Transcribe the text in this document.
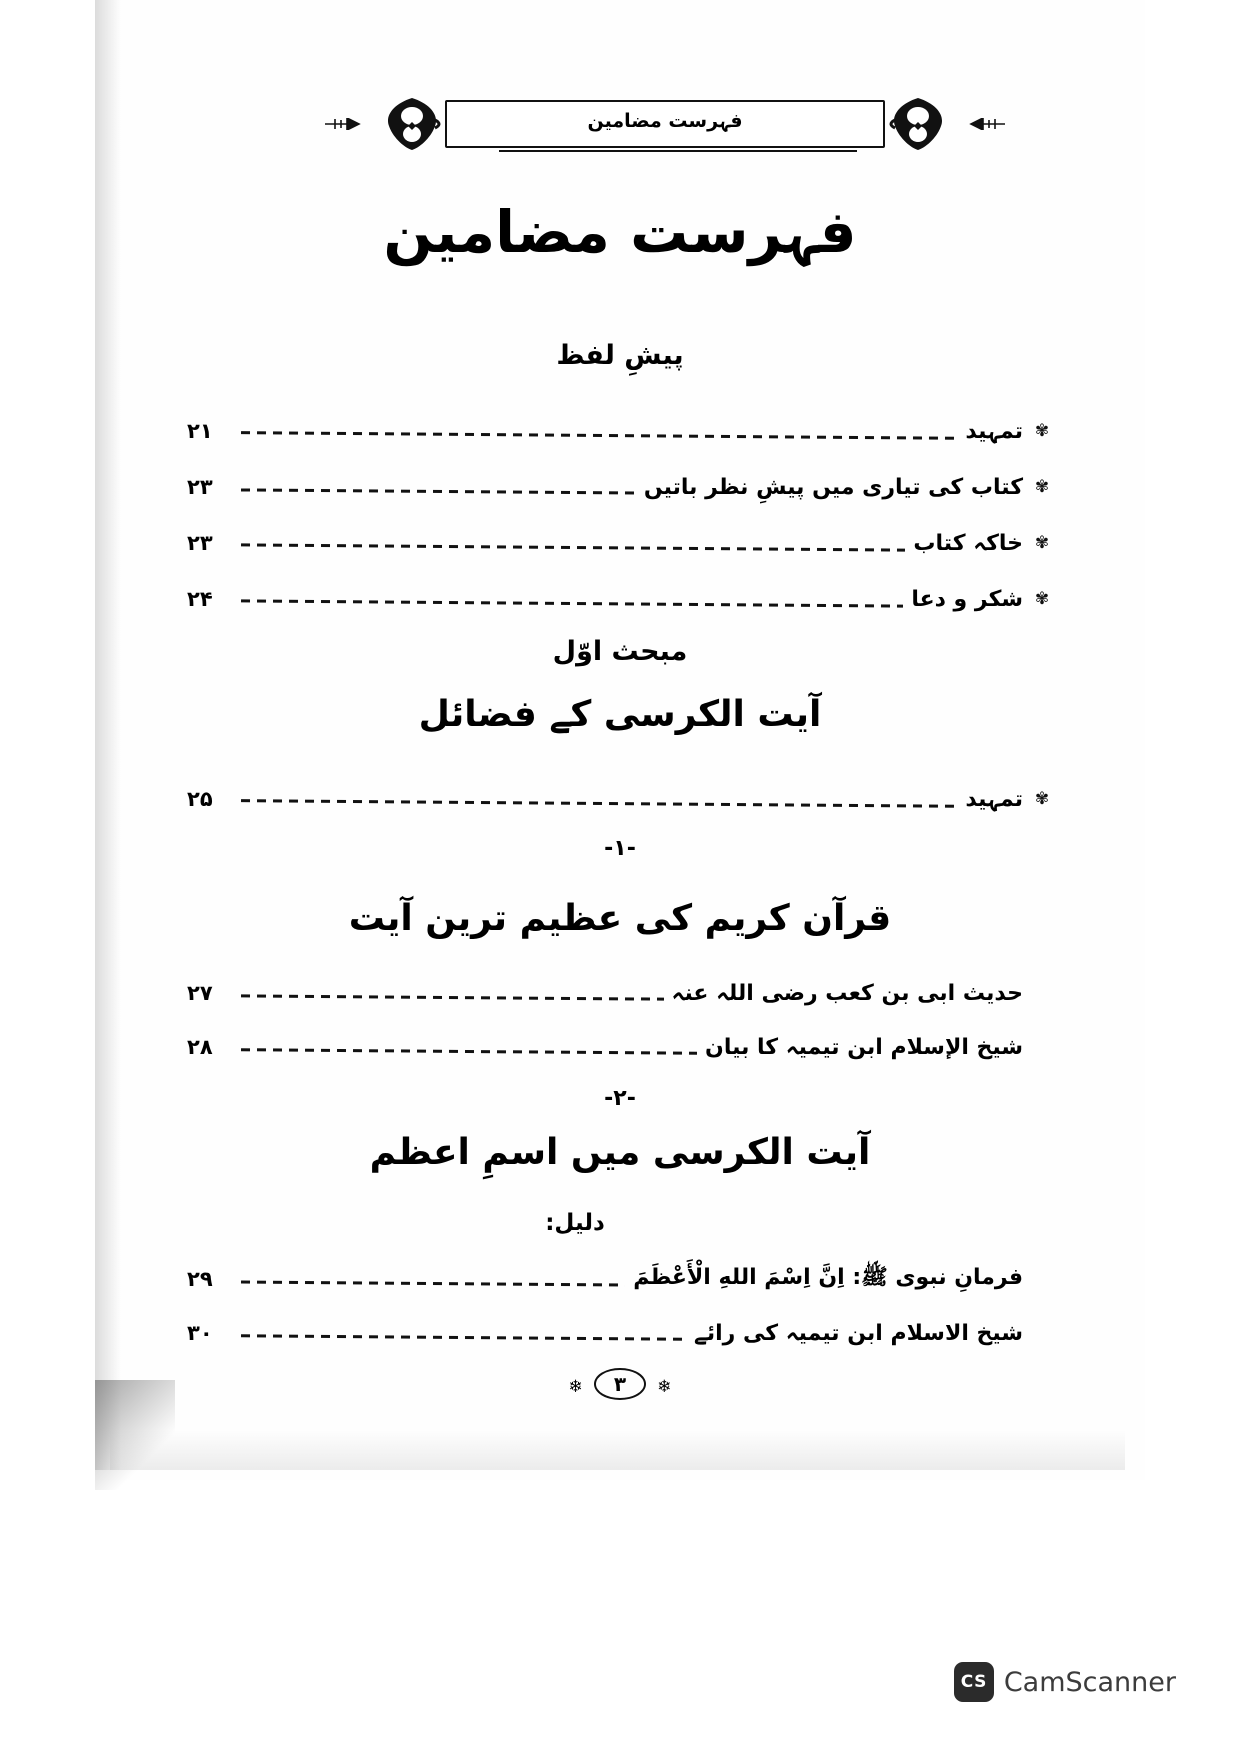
فہرست مضامین
فہرست مضامین
پیشِ لفظ
۲۱	تمہید ✾
۲۳	کتاب کی تیاری میں پیشِ نظر باتیں ✾
۲۳	خاکہ کتاب ✾
۲۴	شکر و دعا ✾
مبحث اوّل
آیت الکرسی کے فضائل
۲۵	تمہید ✾
-۱-
قرآن کریم کی عظیم ترین آیت
۲۷	حدیث ابی بن کعب رضی اللہ عنہ
۲۸	شیخ الإسلام ابن تیمیہ کا بیان
-۲-
آیت الکرسی میں اسمِ اعظم
دلیل:
۲۹	فرمانِ نبوی ﷺ: اِنَّ اِسْمَ اللهِ الْأَعْظَمَ
۳۰	شیخ الاسلام ابن تیمیہ کی رائے
❄ ۳ ❄
CS CamScanner
